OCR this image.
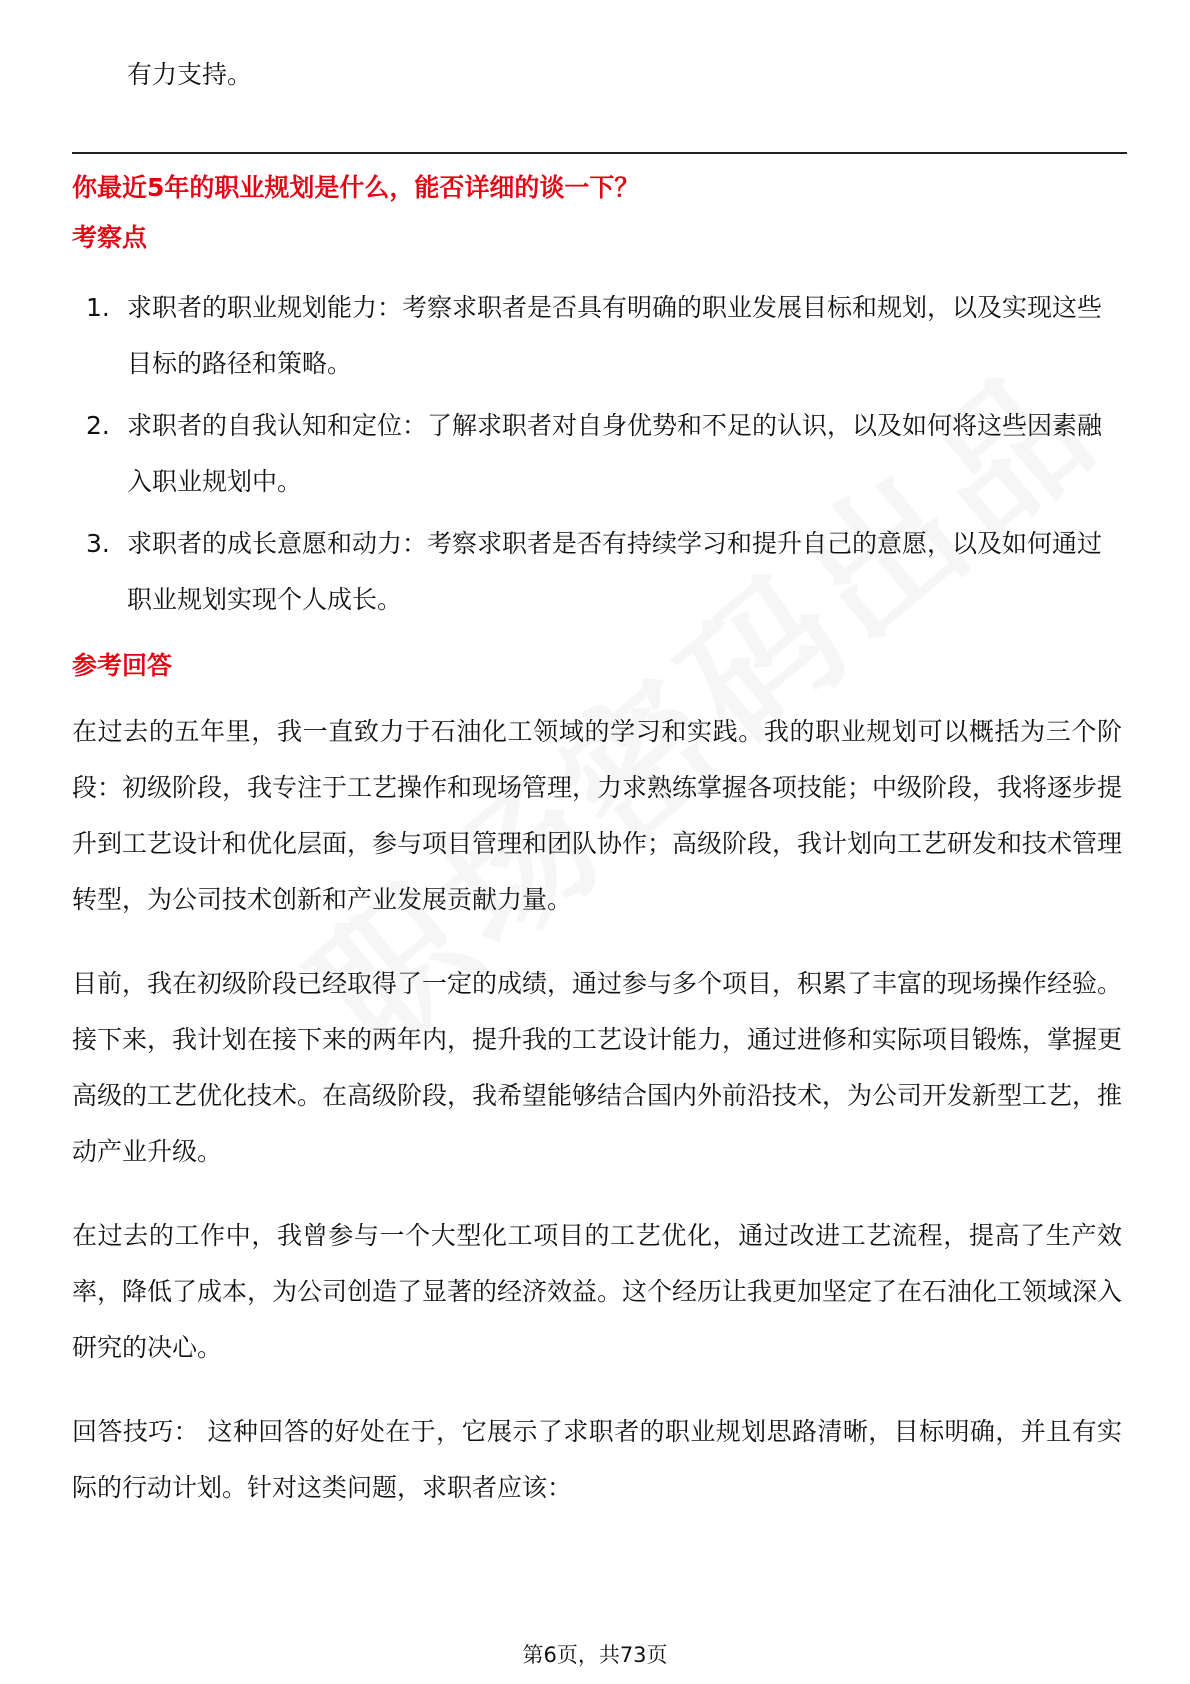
有力支持。

你最近5年的职业规划是什么，能否详细的谈一下？

考察点

1. 求职者的职业规划能力：考察求职者是否具有明确的职业发展目标和规划，以及实现这些目标的路径和策略。
2. 求职者的自我认知和定位：了解求职者对自身优势和不足的认识，以及如何将这些因素融入职业规划中。
3. 求职者的成长意愿和动力：考察求职者是否有持续学习和提升自己的意愿，以及如何通过职业规划实现个人成长。

参考回答

在过去的五年里，我一直致力于石油化工领域的学习和实践。我的职业规划可以概括为三个阶段：初级阶段，我专注于工艺操作和现场管理，力求熟练掌握各项技能；中级阶段，我将逐步提升到工艺设计和优化层面，参与项目管理和团队协作；高级阶段，我计划向工艺研发和技术管理转型，为公司技术创新和产业发展贡献力量。

目前，我在初级阶段已经取得了一定的成绩，通过参与多个项目，积累了丰富的现场操作经验。接下来，我计划在接下来的两年内，提升我的工艺设计能力，通过进修和实际项目锻炼，掌握更高级的工艺优化技术。在高级阶段，我希望能够结合国内外前沿技术，为公司开发新型工艺，推动产业升级。

在过去的工作中，我曾参与一个大型化工项目的工艺优化，通过改进工艺流程，提高了生产效率，降低了成本，为公司创造了显著的经济效益。这个经历让我更加坚定了在石油化工领域深入研究的决心。

回答技巧： 这种回答的好处在于，它展示了求职者的职业规划思路清晰，目标明确，并且有实际的行动计划。针对这类问题，求职者应该：

第6页，共73页
